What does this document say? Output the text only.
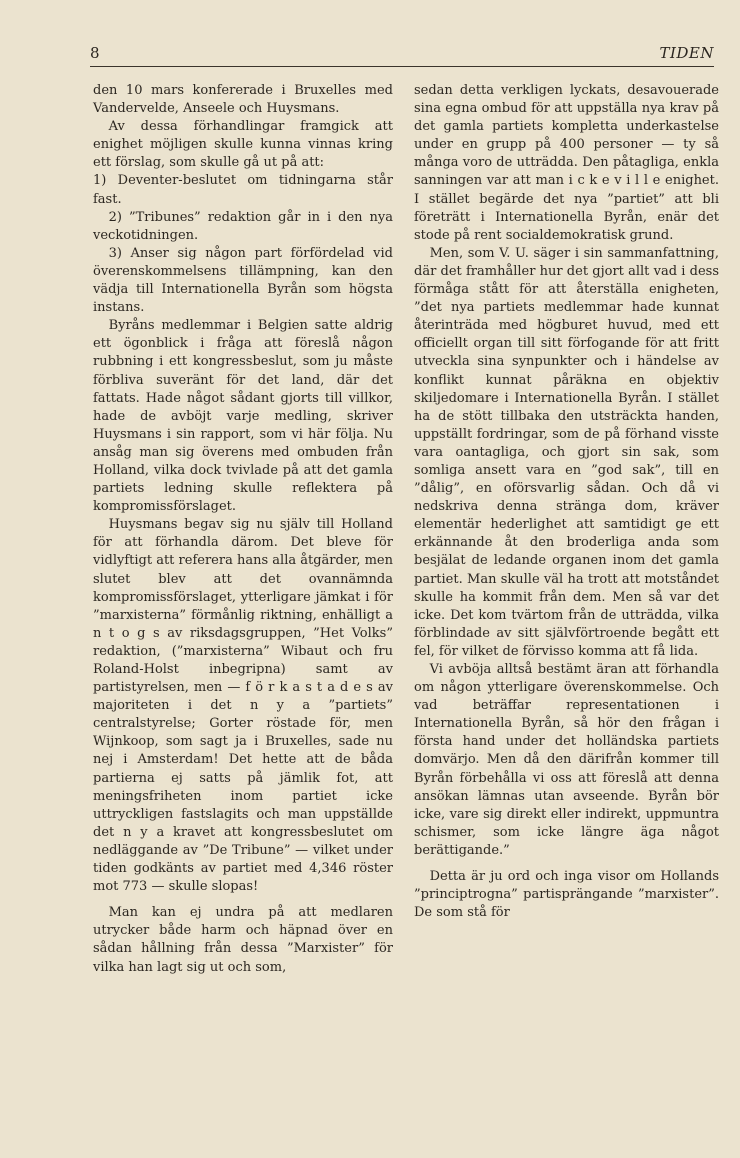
8	TIDEN

den 10 mars konfererade i Bruxelles med Vandervelde, Anseele och Huysmans.

Av dessa förhandlingar framgick att enighet möjligen skulle kunna vinnas kring ett förslag, som skulle gå ut på att:

1) Deventer-beslutet om tidningarna står fast.

2) ”Tribunes” redaktion går in i den nya veckotidningen.

3) Anser sig någon part förfördelad vid överenskommelsens tillämpning, kan den vädja till Internationella Byrån som högsta instans.

Byråns medlemmar i Belgien satte aldrig ett ögonblick i fråga att föreslå någon rubbning i ett kongressbeslut, som ju måste förbliva suveränt för det land, där det fattats. Hade något sådant gjorts till villkor, hade de avböjt varje medling, skriver Huysmans i sin rapport, som vi här följa. Nu ansåg man sig överens med ombuden från Holland, vilka dock tvivlade på att det gamla partiets ledning skulle reflektera på kompromissförslaget.

Huysmans begav sig nu själv till Holland för att förhandla därom. Det bleve för vidlyftigt att referera hans alla åtgärder, men slutet blev att det ovannämnda kompromissförslaget, ytterligare jämkat i för ”marxisterna” förmånlig riktning, enhälligt a n t o g s av riksdagsgruppen, ”Het Volks” redaktion, (”marxisterna” Wibaut och fru Roland-Holst inbegripna) samt av partistyrelsen, men — f ö r k a s t a d e s av majoriteten i det n y a ”partiets” centralstyrelse; Gorter röstade för, men Wijnkoop, som sagt ja i Bruxelles, sade nu nej i Amsterdam! Det hette att de båda partierna ej satts på jämlik fot, att meningsfriheten inom partiet icke uttryckligen fastslagits och man uppställde det n y a kravet att kongressbeslutet om nedläggande av ”De Tribune” — vilket under tiden godkänts av partiet med 4,346 röster mot 773 — skulle slopas!

Man kan ej undra på att medlaren utrycker både harm och häpnad över en sådan hållning från dessa ”Marxister” för vilka han lagt sig ut och som,

sedan detta verkligen lyckats, desavouerade sina egna ombud för att uppställa nya krav på det gamla partiets kompletta underkastelse under en grupp på 400 personer — ty så många voro de utträdda. Den påtagliga, enkla sanningen var att man i c k e v i l l e enighet. I stället begärde det nya ”partiet” att bli företrätt i Internationella Byrån, enär det stode på rent socialdemokratisk grund.

Men, som V. U. säger i sin sammanfattning, där det framhåller hur det gjort allt vad i dess förmåga stått för att återställa enigheten, ”det nya partiets medlemmar hade kunnat återinträda med högburet huvud, med ett officiellt organ till sitt förfogande för att fritt utveckla sina synpunkter och i händelse av konflikt kunnat påräkna en objektiv skiljedomare i Internationella Byrån. I stället ha de stött tillbaka den utsträckta handen, uppställt fordringar, som de på förhand visste vara oantagliga, och gjort sin sak, som somliga ansett vara en ”god sak”, till en ”dålig”, en oförsvarlig sådan. Och då vi nedskriva denna stränga dom, kräver elementär hederlighet att samtidigt ge ett erkännande åt den broderliga anda som besjälat de ledande organen inom det gamla partiet. Man skulle väl ha trott att motståndet skulle ha kommit från dem. Men så var det icke. Det kom tvärtom från de utträdda, vilka förblindade av sitt självförtroende begått ett fel, för vilket de förvisso komma att få lida.

Vi avböja alltså bestämt äran att förhandla om någon ytterligare överenskommelse. Och vad beträffar representationen i Internationella Byrån, så hör den frågan i första hand under det holländska partiets domvärjo. Men då den därifrån kommer till Byrån förbehålla vi oss att föreslå att denna ansökan lämnas utan avseende. Byrån bör icke, vare sig direkt eller indirekt, uppmuntra schismer, som icke längre äga något berättigande.”

Detta är ju ord och inga visor om Hollands ”principtrogna” partisprängande ”marxister”. De som stå för
